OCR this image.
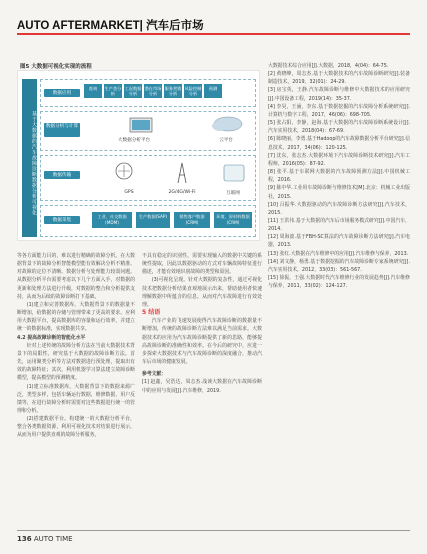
AUTO AFTERMARKET| 汽车后市场
基于大数据的汽车故障诊断数据分析可视化
数据应用
查询	生产类分析
工况数据分析
潜在市场分析
服务营销分析
风险控制分析
预测
数据分析与计算
大数据分析平台	云平台
数据传输
GPS	2G/4G/Wi-Fi	互联网
数据采集
工业、社交数据(MDM)
生产数据(SAP)	销售客户数据(CRM)
环境、原材料数据(CRM)
图5 大数据可视化实现的流程

等各方面能力目的，难以进行精确的故障分析。在大数据背景下的故障分析智能模型能有效解决分析不精准、对故障的定位不清晰、数据分析与处理能力较弱问题。从数据分析平台需要考虑以下几个方面入手，对数据的更新和处理方法进行升级，对数据的整合和分析提供支持，从而为后续的故障诊断打下基础。

(1)建立和完善数据库。大数据背景下的数据量不断增加，给数据的存储与管理带来了更高的要求。应利用大数据平台，提高数据库的容量和运行效率，并建立统一的数据标准，实现数据共享。

4.2 提高故障诊断的智能化水平

针对上述传统的故障分析方法在当前大数据技术背景下的局限性，研究基于大数据的故障诊断方法。首先，运用聚类分析等方法对数据进行预处理，提取出有效的故障特征；其次，利用机器学习算法建立故障诊断模型，提高模型的预测精度。

(1)建立标准数据库。大数据背景下的数据来源广泛，类型多样，包括车辆运行数据、维修数据、用户反馈等，在进行故障分析时需要对这些数据进行统一的管理和分析。

(2)搭建数据平台。构建统一的大数据分析平台，整合各类数据资源，利用可视化技术对结果进行展示，从而为用户提供直观的故障分析服务。

不具有稳定的识别性。需要实现输入的数据中关键的系统性提取，因此以数据驱动的方式对车辆故障特征进行描述，才能有效地识别故障的类型和原因。

(3)可视化呈现。针对大数据的复杂性，通过可视化技术把数据分析结果直观地展示出来，帮助使用者快速理解数据中所蕴含的信息，从而对汽车故障进行有效处理。

5 结语

汽车产业的飞速发展使得汽车故障诊断的数据量不断增加，传统的故障诊断方法难以满足当前需求。大数据技术的应用为汽车故障诊断提供了新的思路，能够提高故障诊断的准确性和效率。在今后的研究中，应进一步探索大数据技术与汽车故障诊断的深度融合，推动汽车后市场的健康发展。

参考文献：

[1] 赵鑫，吴浩达，周志杰.浅谈大数据在汽车故障诊断中的应用与发展[J].汽车维修，2019.

大数据技术综合应用[J].大数据，2018，4(04)：64-75.

[2] 黄晓峰，周志杰.基于大数据技术的汽车故障诊断研究[J].装备制造技术，2019，32(01)：24-29.

[3] 房宝英，王静.汽车故障诊断与维修中大数据技术的应用研究[J].中国设备工程，2019(14)：35-37.

[4] 李昊，王涵，李东.基于数据挖掘的汽车故障分析系统研究[J].计算机与数字工程，2017，46(06)：698-705.

[5] 张占阳，李静，赵海.基于大数据的汽车故障诊断系统设计[J].汽车实用技术，2018(04)：67-69.

[6] 陈晓丽，李勇.基于Hadoop的汽车故障数据分析平台研究[J].信息技术，2017，34(06)：120-125.

[7] 沈东，张志杰.大数据环境下汽车故障诊断技术研究[J].汽车工程师，2016(05)：87-92.

[8] 张平.基于车联网大数据的汽车故障预测方法[J].中国机械工程，2016.

[9] 陈中华.工业用车故障诊断与维修技术[M].北京：机械工业出版社，2015.

[10] 吕振华.大数据驱动的汽车故障诊断方法研究[J].汽车技术，2015.

[11] 王洪伟.基于大数据的汽车后市场服务模式研究[J].中国汽车，2014.

[12] 周海波.基于FBH-SC算法的汽车故障诊断方法研究[J].汽车电器，2013.

[13] 张红.大数据在汽车维修中的应用[J].汽车维修与保养，2013.

[14] 刘文静，杨勇.基于数据挖掘的汽车故障诊断专家系统研究[J].汽车实用技术，2012，33(03)：561-567.

[15] 徐振，王强.大数据时代汽车维修行业的发展趋势[J].汽车维修与保养，2011，33(02)：124-127.

136 AUTO TIME
